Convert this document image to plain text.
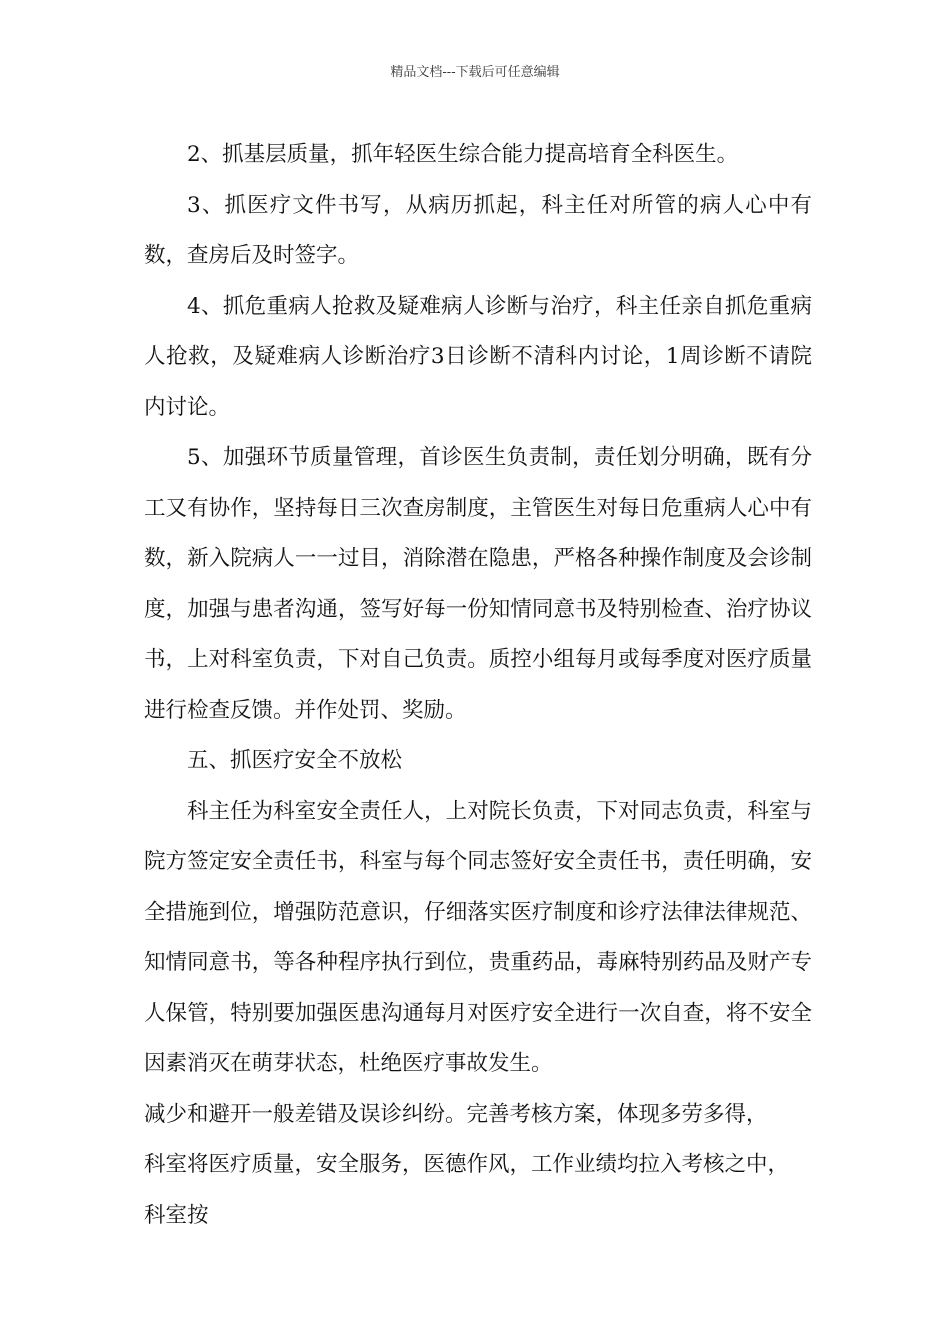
精品文档---下载后可任意编辑

2、抓基层质量，抓年轻医生综合能力提高培育全科医生。

3、抓医疗文件书写，从病历抓起，科主任对所管的病人心中有数，查房后及时签字。

4、抓危重病人抢救及疑难病人诊断与治疗，科主任亲自抓危重病人抢救，及疑难病人诊断治疗3日诊断不清科内讨论，1周诊断不请院内讨论。

5、加强环节质量管理，首诊医生负责制，责任划分明确，既有分工又有协作，坚持每日三次查房制度，主管医生对每日危重病人心中有数，新入院病人一一过目，消除潜在隐患，严格各种操作制度及会诊制度，加强与患者沟通，签写好每一份知情同意书及特别检查、治疗协议书，上对科室负责，下对自己负责。质控小组每月或每季度对医疗质量进行检查反馈。并作处罚、奖励。

五、抓医疗安全不放松

科主任为科室安全责任人，上对院长负责，下对同志负责，科室与院方签定安全责任书，科室与每个同志签好安全责任书，责任明确，安全措施到位，增强防范意识，仔细落实医疗制度和诊疗法律法律规范、知情同意书，等各种程序执行到位，贵重药品，毒麻特别药品及财产专人保管，特别要加强医患沟通每月对医疗安全进行一次自查，将不安全因素消灭在萌芽状态，杜绝医疗事故发生。

减少和避开一般差错及误诊纠纷。完善考核方案，体现多劳多得，

科室将医疗质量，安全服务，医德作风，工作业绩均拉入考核之中，

科室按
